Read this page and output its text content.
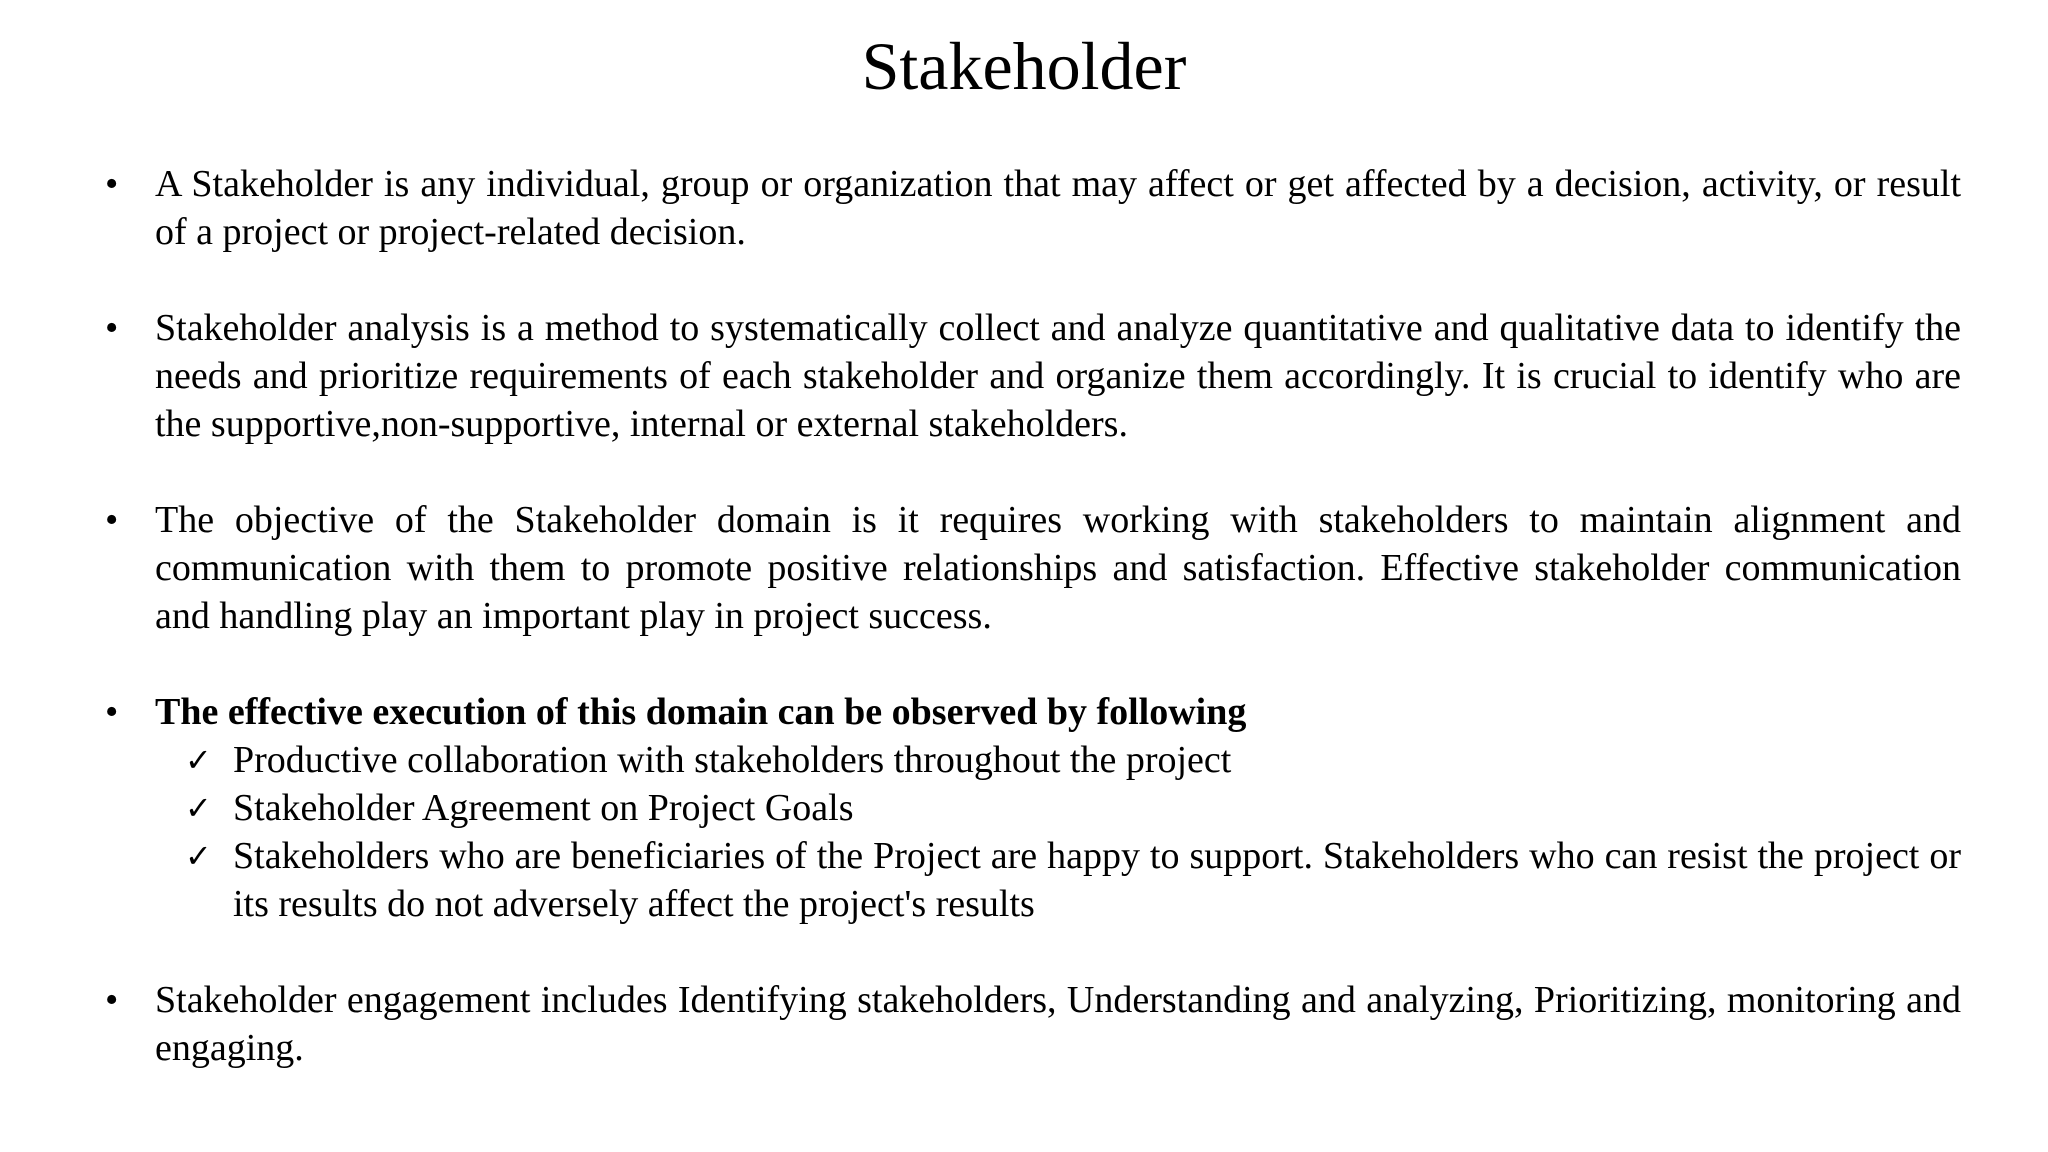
Stakeholder
• A Stakeholder is any individual, group or organization that may affect or get affected by a decision, activity, or result of a project or project-related decision.
• Stakeholder analysis is a method to systematically collect and analyze quantitative and qualitative data to identify the needs and prioritize requirements of each stakeholder and organize them accordingly. It is crucial to identify who are the supportive,non-supportive, internal or external stakeholders.
• The objective of the Stakeholder domain is it requires working with stakeholders to maintain alignment and communication with them to promote positive relationships and satisfaction. Effective stakeholder communication and handling play an important play in project success.
• The effective execution of this domain can be observed by following
✓ Productive collaboration with stakeholders throughout the project
✓ Stakeholder Agreement on Project Goals
✓ Stakeholders who are beneficiaries of the Project are happy to support. Stakeholders who can resist the project or its results do not adversely affect the project's results
• Stakeholder engagement includes Identifying stakeholders, Understanding and analyzing, Prioritizing, monitoring and engaging.
